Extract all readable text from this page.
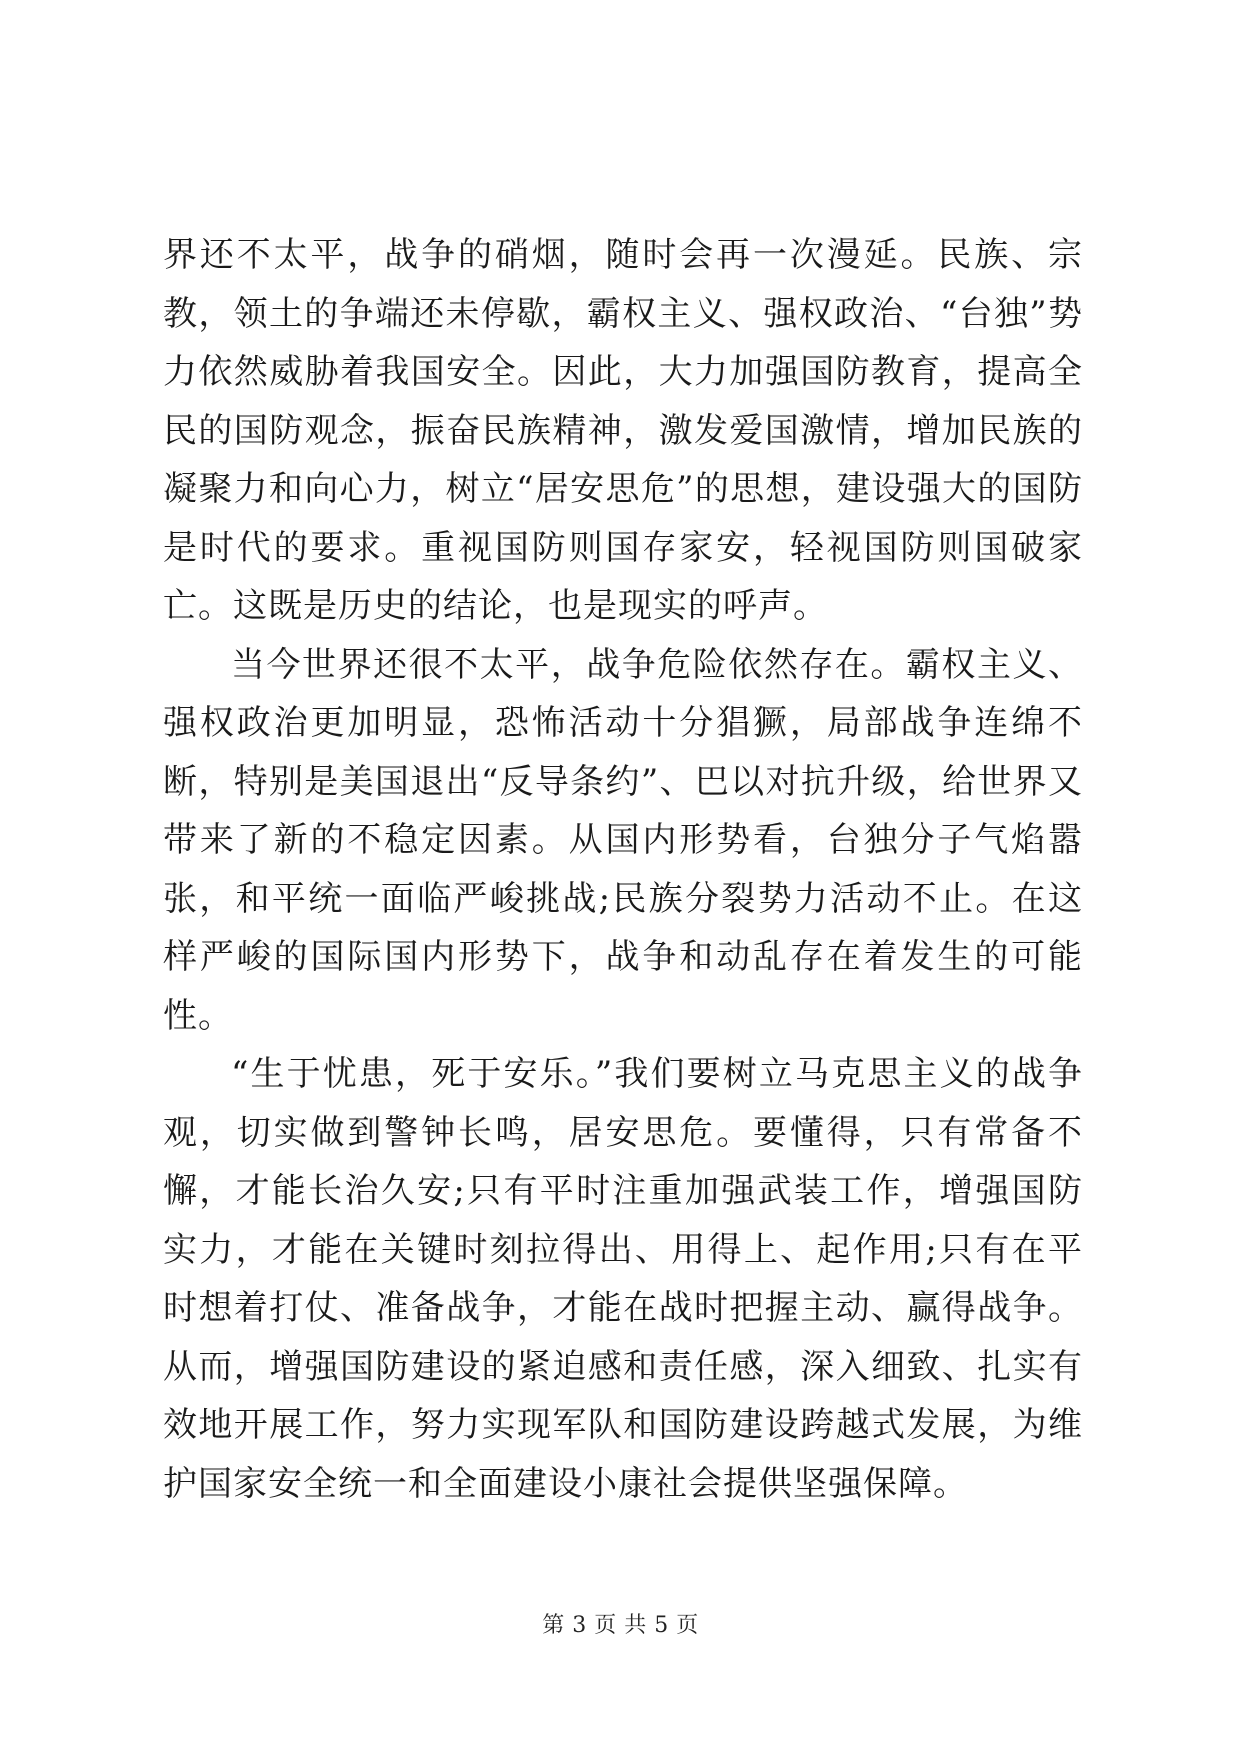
界还不太平，战争的硝烟，随时会再一次漫延。民族、宗教，领土的争端还未停歇，霸权主义、强权政治、“台独”势力依然威胁着我国安全。因此，大力加强国防教育，提高全民的国防观念，振奋民族精神，激发爱国激情，增加民族的凝聚力和向心力，树立“居安思危”的思想，建设强大的国防是时代的要求。重视国防则国存家安，轻视国防则国破家亡。这既是历史的结论，也是现实的呼声。

当今世界还很不太平，战争危险依然存在。霸权主义、强权政治更加明显，恐怖活动十分猖獗，局部战争连绵不断，特别是美国退出“反导条约”、巴以对抗升级，给世界又带来了新的不稳定因素。从国内形势看，台独分子气焰嚣张，和平统一面临严峻挑战;民族分裂势力活动不止。在这样严峻的国际国内形势下，战争和动乱存在着发生的可能性。

“生于忧患，死于安乐。”我们要树立马克思主义的战争观，切实做到警钟长鸣，居安思危。要懂得，只有常备不懈，才能长治久安;只有平时注重加强武装工作，增强国防实力，才能在关键时刻拉得出、用得上、起作用;只有在平时想着打仗、准备战争，才能在战时把握主动、赢得战争。从而，增强国防建设的紧迫感和责任感，深入细致、扎实有效地开展工作，努力实现军队和国防建设跨越式发展，为维护国家安全统一和全面建设小康社会提供坚强保障。

第 3 页 共 5 页
